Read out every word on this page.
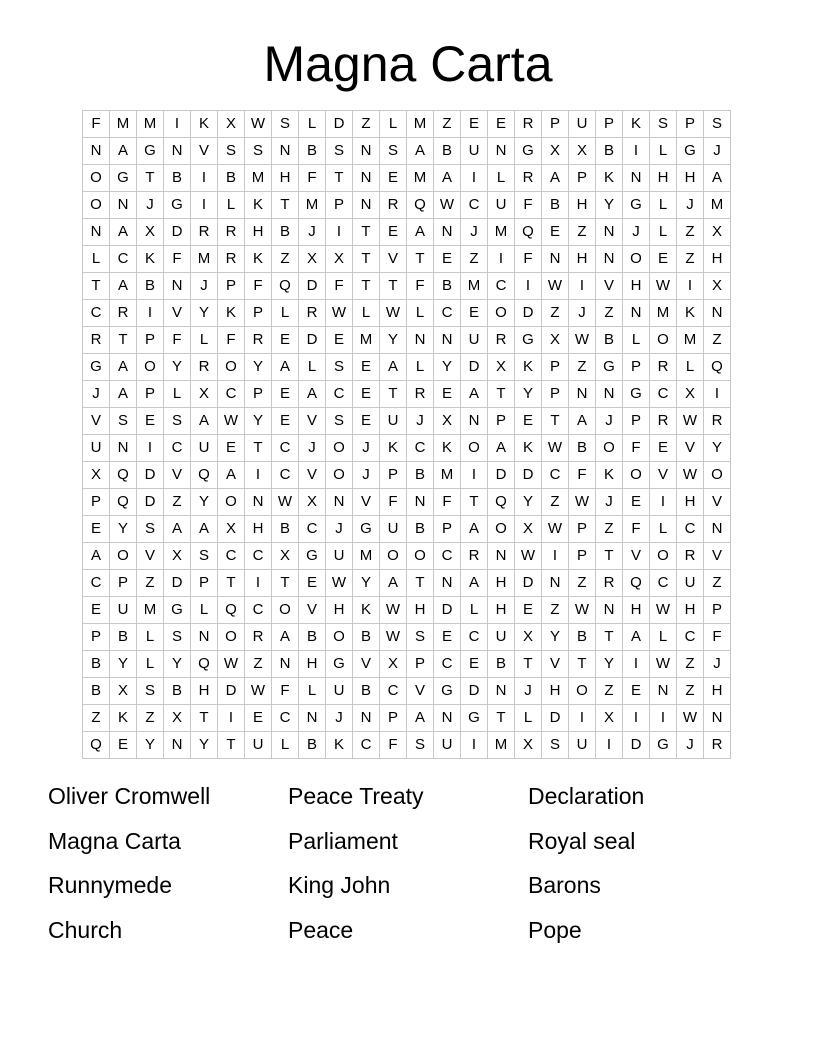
Magna Carta
F	M	M	I	K	X	W	S	L	D	Z	L	M	Z	E	E	R	P	U	P	K	S	P	S
N	A	G	N	V	S	S	N	B	S	N	S	A	B	U	N	G	X	X	B	I	L	G	J
O	G	T	B	I	B	M	H	F	T	N	E	M	A	I	L	R	A	P	K	N	H	H	A
O	N	J	G	I	L	K	T	M	P	N	R	Q	W	C	U	F	B	H	Y	G	L	J	M
N	A	X	D	R	R	H	B	J	I	T	E	A	N	J	M	Q	E	Z	N	J	L	Z	X
L	C	K	F	M	R	K	Z	X	X	T	V	T	E	Z	I	F	N	H	N	O	E	Z	H
T	A	B	N	J	P	F	Q	D	F	T	T	F	B	M	C	I	W	I	V	H	W	I	X
C	R	I	V	Y	K	P	L	R	W	L	W	L	C	E	O	D	Z	J	Z	N	M	K	N
R	T	P	F	L	F	R	E	D	E	M	Y	N	N	U	R	G	X	W	B	L	O	M	Z
G	A	O	Y	R	O	Y	A	L	S	E	A	L	Y	D	X	K	P	Z	G	P	R	L	Q
J	A	P	L	X	C	P	E	A	C	E	T	R	E	A	T	Y	P	N	N	G	C	X	I
V	S	E	S	A	W	Y	E	V	S	E	U	J	X	N	P	E	T	A	J	P	R	W	R
U	N	I	C	U	E	T	C	J	O	J	K	C	K	O	A	K	W	B	O	F	E	V	Y
X	Q	D	V	Q	A	I	C	V	O	J	P	B	M	I	D	D	C	F	K	O	V	W	O
P	Q	D	Z	Y	O	N	W	X	N	V	F	N	F	T	Q	Y	Z	W	J	E	I	H	V
E	Y	S	A	A	X	H	B	C	J	G	U	B	P	A	O	X	W	P	Z	F	L	C	N
A	O	V	X	S	C	C	X	G	U	M	O	O	C	R	N	W	I	P	T	V	O	R	V
C	P	Z	D	P	T	I	T	E	W	Y	A	T	N	A	H	D	N	Z	R	Q	C	U	Z
E	U	M	G	L	Q	C	O	V	H	K	W	H	D	L	H	E	Z	W	N	H	W	H	P
P	B	L	S	N	O	R	A	B	O	B	W	S	E	C	U	X	Y	B	T	A	L	C	F
B	Y	L	Y	Q	W	Z	N	H	G	V	X	P	C	E	B	T	V	T	Y	I	W	Z	J
B	X	S	B	H	D	W	F	L	U	B	C	V	G	D	N	J	H	O	Z	E	N	Z	H
Z	K	Z	X	T	I	E	C	N	J	N	P	A	N	G	T	L	D	I	X	I	I	W	N
Q	E	Y	N	Y	T	U	L	B	K	C	F	S	U	I	M	X	S	U	I	D	G	J	R
Oliver Cromwell	Peace Treaty	Declaration
Magna Carta	Parliament	Royal seal
Runnymede	King John	Barons
Church	Peace	Pope
